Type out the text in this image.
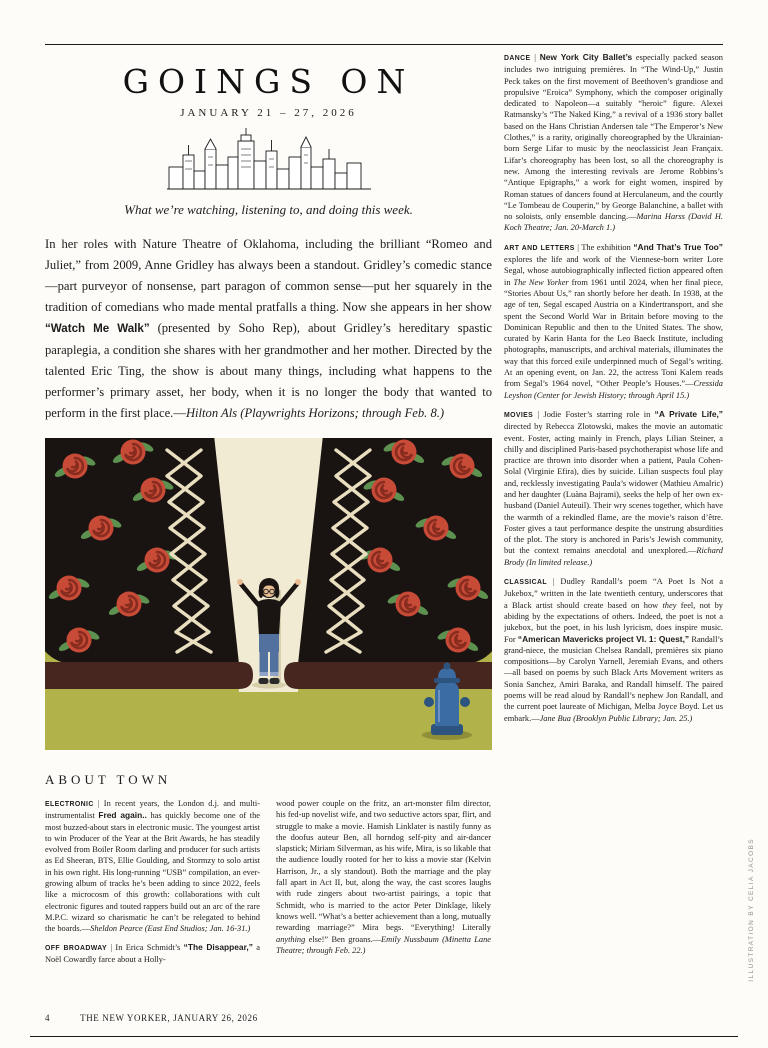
GOINGS ON
JANUARY 21 – 27, 2026
What we’re watching, listening to, and doing this week.

In her roles with Nature Theatre of Oklahoma, including the brilliant “Romeo and Juliet,” from 2009, Anne Gridley has always been a standout. Gridley’s comedic stance—part purveyor of nonsense, part paragon of common sense—put her squarely in the tradition of comedians who made mental pratfalls a thing. Now she appears in her show “Watch Me Walk” (presented by Soho Rep), about Gridley’s hereditary spastic paraplegia, a condition she shares with her grandmother and her mother. Directed by the talented Eric Ting, the show is about many things, including what happens to the performer’s primary asset, her body, when it is no longer the body that wanted to perform in the first place.—Hilton Als (Playwrights Horizons; through Feb. 8.)

ABOUT TOWN

ELECTRONIC | In recent years, the London d.j. and multi-instrumentalist Fred again.. has quickly become one of the most buzzed-about stars in electronic music. The youngest artist to win Producer of the Year at the Brit Awards, he has steadily evolved from Boiler Room darling and producer for such artists as Ed Sheeran, BTS, Ellie Goulding, and Stormzy to solo artist in his own right. His long-running “USB” compilation, an ever-growing album of tracks he’s been adding to since 2022, feels like a microcosm of this growth: collaborations with cult electronic figures and touted rappers build out an arc of the rare M.P.C. wizard so charismatic he can’t be relegated to behind the boards.—Sheldon Pearce (East End Studios; Jan. 16-31.)

OFF BROADWAY | In Erica Schmidt’s “The Disappear,” a Noël Cowardly farce about a Holly-

wood power couple on the fritz, an art-monster film director, his fed-up novelist wife, and two seductive actors spar, flirt, and struggle to make a movie. Hamish Linklater is nastily funny as the doofus auteur Ben, all horndog self-pity and air-dancer slapstick; Miriam Silverman, as his wife, Mira, is so likable that the audience loudly rooted for her to kiss a movie star (Kelvin Harrison, Jr., a sly standout). Both the marriage and the play fall apart in Act II, but, along the way, the cast scores laughs with rude zingers about two-artist pairings, a topic that Schmidt, who is married to the actor Peter Dinklage, likely knows well. “What’s a better achievement than a long, mutually rewarding marriage?” Mira begs. “Everything! Literally anything else!” Ben groans.—Emily Nussbaum (Minetta Lane Theatre; through Feb. 22.)

DANCE | New York City Ballet’s especially packed season includes two intriguing premières. In “The Wind-Up,” Justin Peck takes on the first movement of Beethoven’s grandiose and propulsive “Eroica” Symphony, which the composer originally dedicated to Napoleon—a suitably “heroic” figure. Alexei Ratmansky’s “The Naked King,” a revival of a 1936 story ballet based on the Hans Christian Andersen tale “The Emperor’s New Clothes,” is a rarity, originally choreographed by the Ukrainian-born Serge Lifar to music by the neoclassicist Jean Françaix. Lifar’s choreography has been lost, so all the choreography is new. Among the interesting revivals are Jerome Robbins’s “Antique Epigraphs,” a work for eight women, inspired by Roman statues of dancers found at Herculaneum, and the courtly “Le Tombeau de Couperin,” by George Balanchine, a ballet with no soloists, only ensemble dancing.—Marina Harss (David H. Koch Theatre; Jan. 20-March 1.)

ART AND LETTERS | The exhibition “And That’s True Too” explores the life and work of the Viennese-born writer Lore Segal, whose autobiographically inflected fiction appeared often in The New Yorker from 1961 until 2024, when her final piece, “Stories About Us,” ran shortly before her death. In 1938, at the age of ten, Segal escaped Austria on a Kindertransport, and she spent the Second World War in Britain before moving to the Dominican Republic and then to the United States. The show, curated by Karin Hanta for the Leo Baeck Institute, including photographs, manuscripts, and archival materials, illuminates the way that this forced exile underpinned much of Segal’s writing. At an opening event, on Jan. 22, the actress Toni Kalem reads from Segal’s 1964 novel, “Other People’s Houses.”—Cressida Leyshon (Center for Jewish History; through April 15.)

MOVIES | Jodie Foster’s starring role in “A Private Life,” directed by Rebecca Zlotowski, makes the movie an automatic event. Foster, acting mainly in French, plays Lilian Steiner, a chilly and disciplined Paris-based psychotherapist whose life and practice are thrown into disorder when a patient, Paula Cohen-Solal (Virginie Efira), dies by suicide. Lilian suspects foul play and, recklessly investigating Paula’s widower (Mathieu Amalric) and her daughter (Luàna Bajrami), seeks the help of her own ex-husband (Daniel Auteuil). Their wry scenes together, which have the warmth of a rekindled flame, are the movie’s raison d’être. Foster gives a taut performance despite the unstrung absurdities of the plot. The story is anchored in Paris’s Jewish community, but the context remains anecdotal and unexplored.—Richard Brody (In limited release.)

CLASSICAL | Dudley Randall’s poem “A Poet Is Not a Jukebox,” written in the late twentieth century, underscores that a Black artist should create based on how they feel, not by abiding by the expectations of others. Indeed, the poet is not a jukebox, but the poet, in his lush lyricism, does inspire music. For “American Mavericks project VI. 1: Quest,” Randall’s grand-niece, the musician Chelsea Randall, premières six piano compositions—by Carolyn Yarnell, Jeremiah Evans, and others—all based on poems by such Black Arts Movement writers as Sonia Sanchez, Amiri Baraka, and Randall himself. The paired poems will be read aloud by Randall’s nephew Jon Randall, and the current poet laureate of Michigan, Melba Joyce Boyd. Let us embark.—Jane Bua (Brooklyn Public Library; Jan. 25.)

ILLUSTRATION BY CELIA JACOBS
4	THE NEW YORKER, JANUARY 26, 2026
